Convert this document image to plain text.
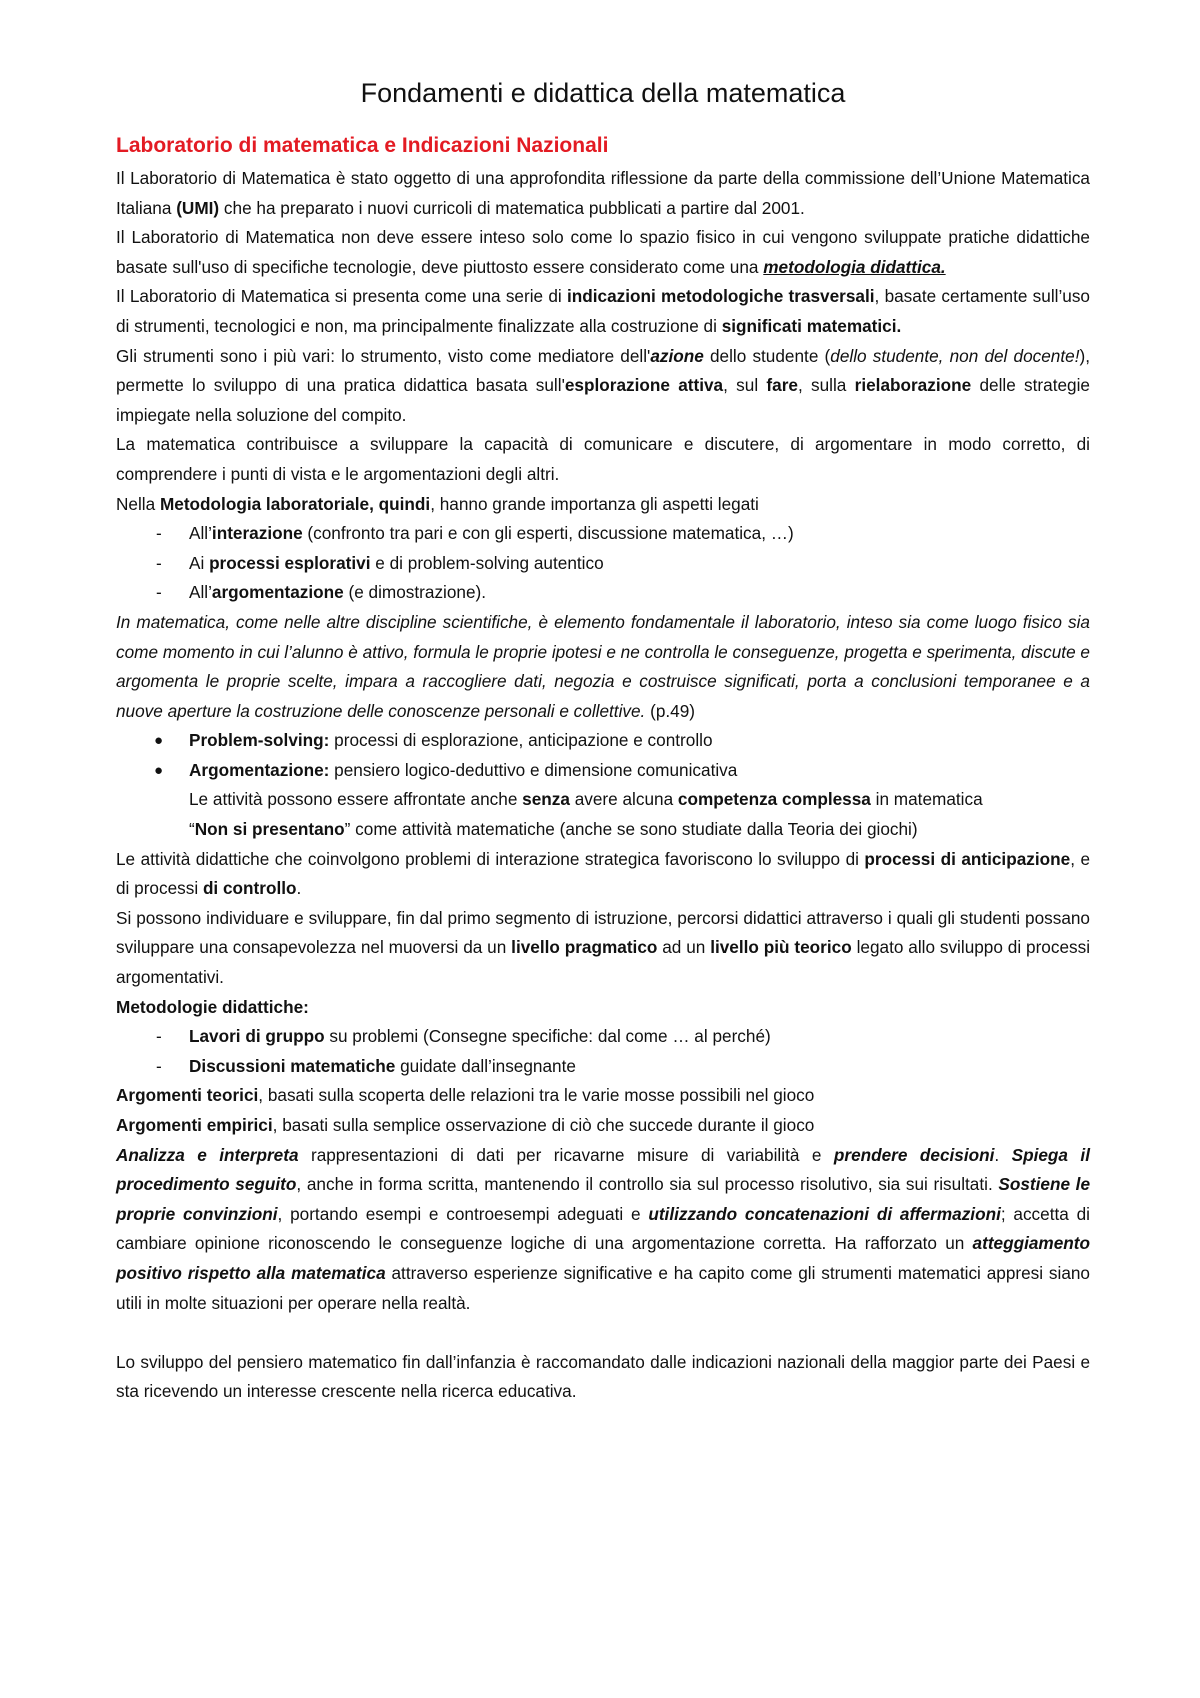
Fondamenti e didattica della matematica
Laboratorio di matematica e Indicazioni Nazionali

Il Laboratorio di Matematica è stato oggetto di una approfondita riflessione da parte della commissione dell’Unione Matematica Italiana (UMI) che ha preparato i nuovi curricoli di matematica pubblicati a partire dal 2001.

Il Laboratorio di Matematica non deve essere inteso solo come lo spazio fisico in cui vengono sviluppate pratiche didattiche basate sull'uso di specifiche tecnologie, deve piuttosto essere considerato come una metodologia didattica.

Il Laboratorio di Matematica si presenta come una serie di indicazioni metodologiche trasversali, basate certamente sull’uso di strumenti, tecnologici e non, ma principalmente finalizzate alla costruzione di significati matematici.

Gli strumenti sono i più vari: lo strumento, visto come mediatore dell'azione dello studente (dello studente, non del docente!), permette lo sviluppo di una pratica didattica basata sull'esplorazione attiva, sul fare, sulla rielaborazione delle strategie impiegate nella soluzione del compito.

La matematica contribuisce a sviluppare la capacità di comunicare e discutere, di argomentare in modo corretto, di comprendere i punti di vista e le argomentazioni degli altri.

Nella Metodologia laboratoriale, quindi, hanno grande importanza gli aspetti legati

- All’interazione (confronto tra pari e con gli esperti, discussione matematica, …)
- Ai processi esplorativi e di problem-solving autentico
- All’argomentazione (e dimostrazione).

In matematica, come nelle altre discipline scientifiche, è elemento fondamentale il laboratorio, inteso sia come luogo fisico sia come momento in cui l’alunno è attivo, formula le proprie ipotesi e ne controlla le conseguenze, progetta e sperimenta, discute e argomenta le proprie scelte, impara a raccogliere dati, negozia e costruisce significati, porta a conclusioni temporanee e a nuove aperture la costruzione delle conoscenze personali e collettive. (p.49)

● Problem-solving: processi di esplorazione, anticipazione e controllo
● Argomentazione: pensiero logico-deduttivo e dimensione comunicativa
Le attività possono essere affrontate anche senza avere alcuna competenza complessa in matematica
“Non si presentano” come attività matematiche (anche se sono studiate dalla Teoria dei giochi)

Le attività didattiche che coinvolgono problemi di interazione strategica favoriscono lo sviluppo di processi di anticipazione, e di processi di controllo.

Si possono individuare e sviluppare, fin dal primo segmento di istruzione, percorsi didattici attraverso i quali gli studenti possano sviluppare una consapevolezza nel muoversi da un livello pragmatico ad un livello più teorico legato allo sviluppo di processi argomentativi.

Metodologie didattiche:

- Lavori di gruppo su problemi (Consegne specifiche: dal come … al perché)
- Discussioni matematiche guidate dall’insegnante

Argomenti teorici, basati sulla scoperta delle relazioni tra le varie mosse possibili nel gioco

Argomenti empirici, basati sulla semplice osservazione di ciò che succede durante il gioco

Analizza e interpreta rappresentazioni di dati per ricavarne misure di variabilità e prendere decisioni. Spiega il procedimento seguito, anche in forma scritta, mantenendo il controllo sia sul processo risolutivo, sia sui risultati. Sostiene le proprie convinzioni, portando esempi e controesempi adeguati e utilizzando concatenazioni di affermazioni; accetta di cambiare opinione riconoscendo le conseguenze logiche di una argomentazione corretta. Ha rafforzato un atteggiamento positivo rispetto alla matematica attraverso esperienze significative e ha capito come gli strumenti matematici appresi siano utili in molte situazioni per operare nella realtà.

Lo sviluppo del pensiero matematico fin dall’infanzia è raccomandato dalle indicazioni nazionali della maggior parte dei Paesi e sta ricevendo un interesse crescente nella ricerca educativa.
